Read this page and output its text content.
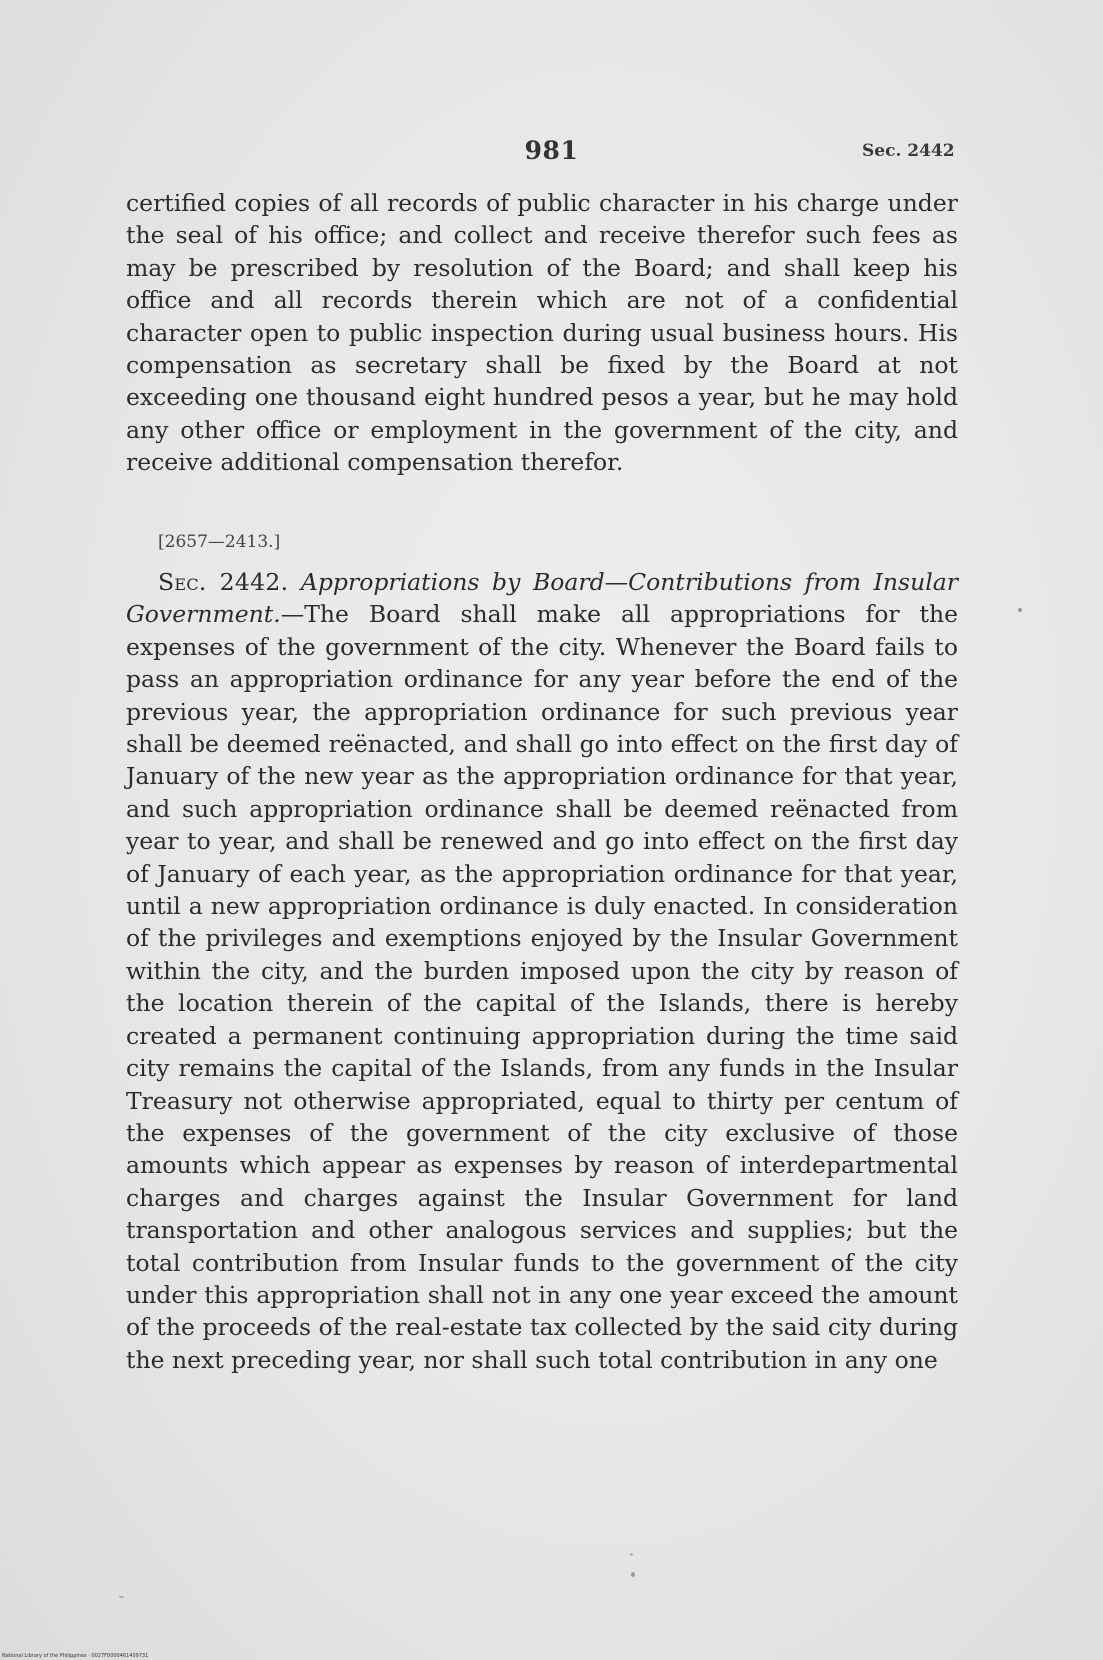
981	Sec. 2442

certified copies of all records of public character in his charge under the seal of his office; and collect and receive therefor such fees as may be prescribed by resolution of the Board; and shall keep his office and all records therein which are not of a confidential character open to public inspection during usual business hours. His compensation as secretary shall be fixed by the Board at not exceeding one thousand eight hundred pesos a year, but he may hold any other office or employment in the government of the city, and receive additional compensation therefor.

[2657—2413.]

Sec. 2442. Appropriations by Board—Contributions from Insular Government.—The Board shall make all appropriations for the expenses of the government of the city. Whenever the Board fails to pass an appropriation ordinance for any year before the end of the previous year, the appropriation ordinance for such previous year shall be deemed reënacted, and shall go into effect on the first day of January of the new year as the appropriation ordinance for that year, and such appropriation ordinance shall be deemed reënacted from year to year, and shall be renewed and go into effect on the first day of January of each year, as the appropriation ordinance for that year, until a new appropriation ordinance is duly enacted. In consideration of the privileges and exemptions enjoyed by the Insular Government within the city, and the burden imposed upon the city by reason of the location therein of the capital of the Islands, there is hereby created a permanent continuing appropriation during the time said city remains the capital of the Islands, from any funds in the Insular Treasury not otherwise appropriated, equal to thirty per centum of the expenses of the government of the city exclusive of those amounts which appear as expenses by reason of interdepartmental charges and charges against the Insular Government for land transportation and other analogous services and supplies; but the total contribution from Insular funds to the government of the city under this appropriation shall not in any one year exceed the amount of the proceeds of the real-estate tax collected by the said city during the next preceding year, nor shall such total contribution in any one

National Library of the Philippines · 0027F0000461409731
